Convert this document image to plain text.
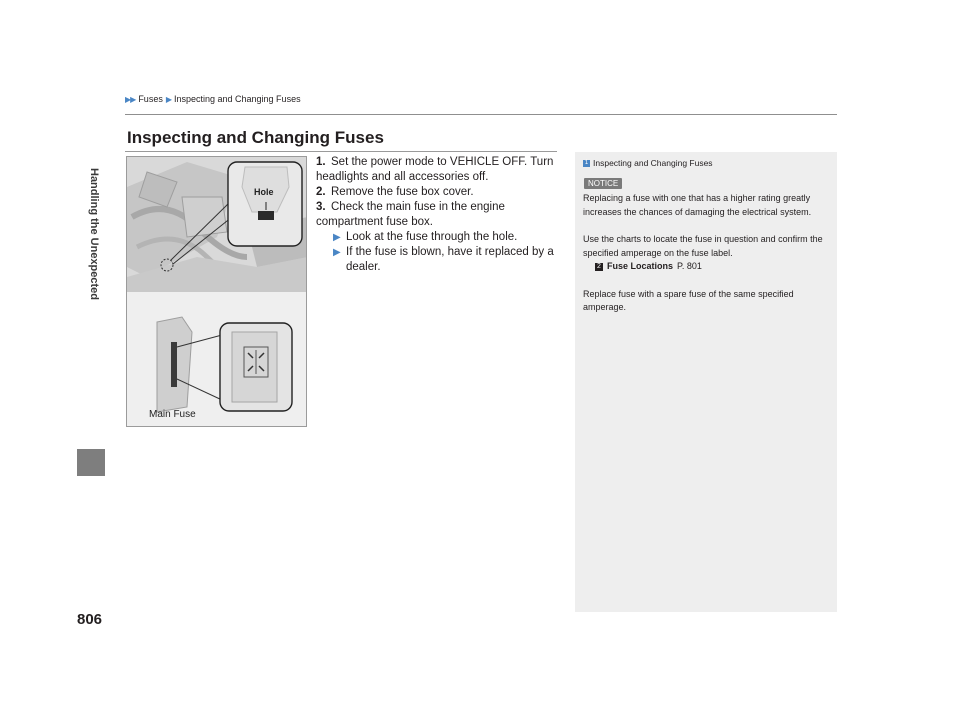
▶▶ Fuses ▶ Inspecting and Changing Fuses
Handling the Unexpected
806
Inspecting and Changing Fuses
Hole
Main Fuse
1. Set the power mode to VEHICLE OFF. Turn headlights and all accessories off.
2. Remove the fuse box cover.
3. Check the main fuse in the engine compartment fuse box.
▶ Look at the fuse through the hole.
▶ If the fuse is blown, have it replaced by a dealer.
1 Inspecting and Changing Fuses
NOTICE

Replacing a fuse with one that has a higher rating greatly increases the chances of damaging the electrical system.

Use the charts to locate the fuse in question and confirm the specified amperage on the fuse label.

2 Fuse Locations P. 801

Replace fuse with a spare fuse of the same specified amperage.
